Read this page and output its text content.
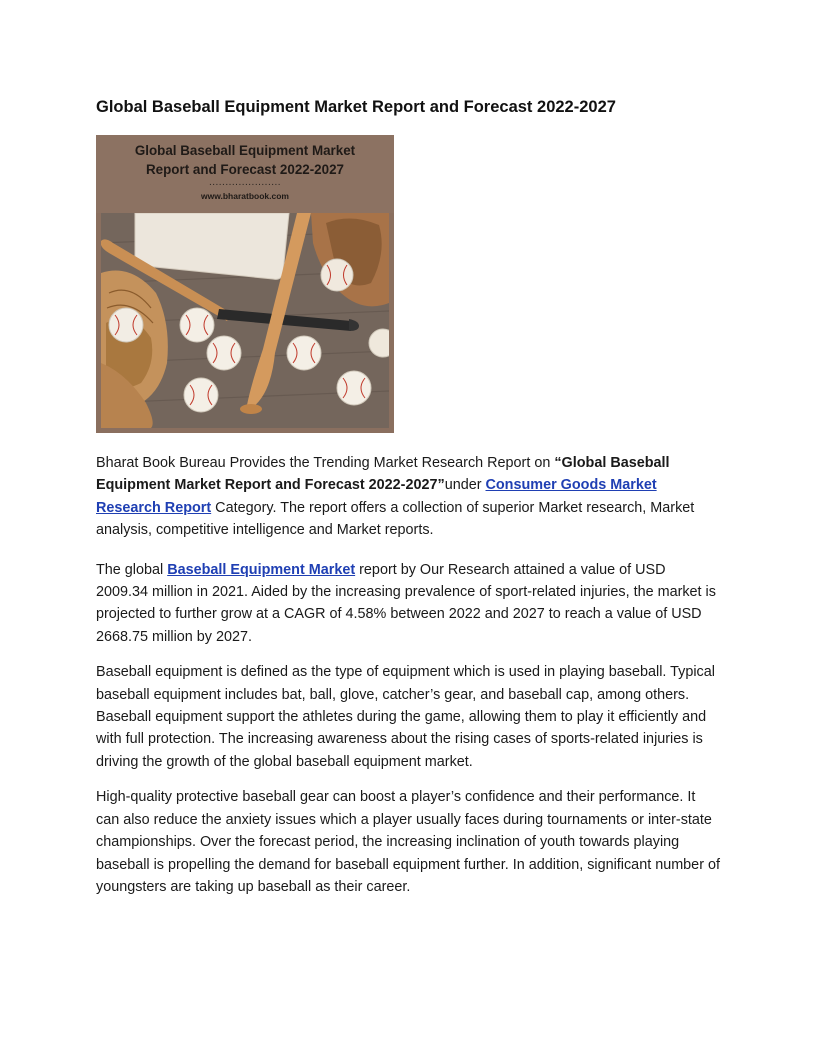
Global Baseball Equipment Market Report and Forecast 2022-2027
Global Baseball Equipment Market
Report and Forecast 2022-2027
......................
www.bharatbook.com

Bharat Book Bureau Provides the Trending Market Research Report on “Global Baseball Equipment Market Report and Forecast 2022-2027”under Consumer Goods Market Research Report Category. The report offers a collection of superior Market research, Market analysis, competitive intelligence and Market reports.

The global Baseball Equipment Market report by Our Research attained a value of USD 2009.34 million in 2021. Aided by the increasing prevalence of sport-related injuries, the market is projected to further grow at a CAGR of 4.58% between 2022 and 2027 to reach a value of USD 2668.75 million by 2027.

Baseball equipment is defined as the type of equipment which is used in playing baseball. Typical baseball equipment includes bat, ball, glove, catcher’s gear, and baseball cap, among others. Baseball equipment support the athletes during the game, allowing them to play it efficiently and with full protection. The increasing awareness about the rising cases of sports-related injuries is driving the growth of the global baseball equipment market.

High-quality protective baseball gear can boost a player’s confidence and their performance. It can also reduce the anxiety issues which a player usually faces during tournaments or inter-state championships. Over the forecast period, the increasing inclination of youth towards playing baseball is propelling the demand for baseball equipment further. In addition, significant number of youngsters are taking up baseball as their career.
